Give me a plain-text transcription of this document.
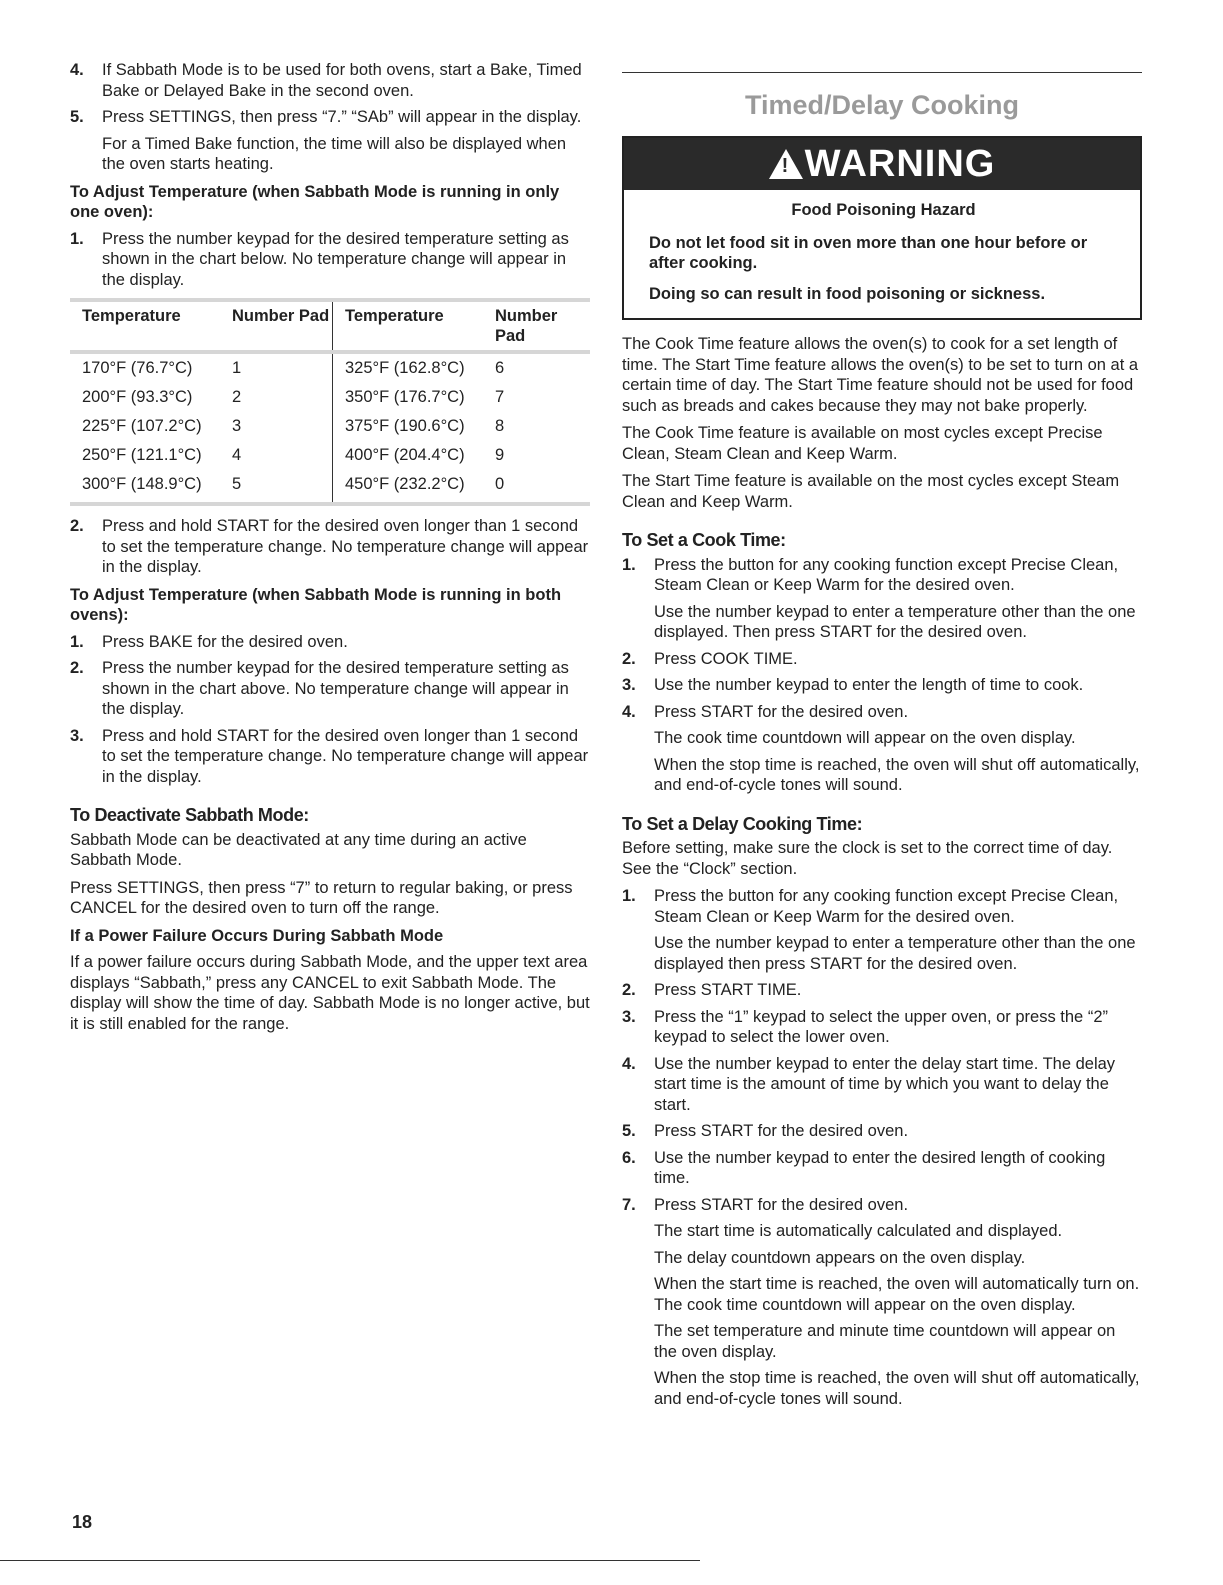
4. If Sabbath Mode is to be used for both ovens, start a Bake, Timed Bake or Delayed Bake in the second oven.

5. Press SETTINGS, then press “7.” “SAb” will appear in the display.

For a Timed Bake function, the time will also be displayed when the oven starts heating.

To Adjust Temperature (when Sabbath Mode is running in only one oven):

1. Press the number keypad for the desired temperature setting as shown in the chart below. No temperature change will appear in the display.

Temperature	Number Pad	Temperature	Number Pad
170°F (76.7°C)	1	325°F (162.8°C)	6
200°F (93.3°C)	2	350°F (176.7°C)	7
225°F (107.2°C)	3	375°F (190.6°C)	8
250°F (121.1°C)	4	400°F (204.4°C)	9
300°F (148.9°C)	5	450°F (232.2°C)	0
2. Press and hold START for the desired oven longer than 1 second to set the temperature change. No temperature change will appear in the display.

To Adjust Temperature (when Sabbath Mode is running in both ovens):

1. Press BAKE for the desired oven.

2. Press the number keypad for the desired temperature setting as shown in the chart above. No temperature change will appear in the display.

3. Press and hold START for the desired oven longer than 1 second to set the temperature change. No temperature change will appear in the display.

To Deactivate Sabbath Mode:

Sabbath Mode can be deactivated at any time during an active Sabbath Mode.

Press SETTINGS, then press “7” to return to regular baking, or press CANCEL for the desired oven to turn off the range.

If a Power Failure Occurs During Sabbath Mode

If a power failure occurs during Sabbath Mode, and the upper text area displays “Sabbath,” press any CANCEL to exit Sabbath Mode. The display will show the time of day. Sabbath Mode is no longer active, but it is still enabled for the range.

Timed/Delay Cooking
! WARNING
Food Poisoning Hazard

Do not let food sit in oven more than one hour before or after cooking.

Doing so can result in food poisoning or sickness.

The Cook Time feature allows the oven(s) to cook for a set length of time. The Start Time feature allows the oven(s) to be set to turn on at a certain time of day. The Start Time feature should not be used for food such as breads and cakes because they may not bake properly.

The Cook Time feature is available on most cycles except Precise Clean, Steam Clean and Keep Warm.

The Start Time feature is available on the most cycles except Steam Clean and Keep Warm.

To Set a Cook Time:
1. Press the button for any cooking function except Precise Clean, Steam Clean or Keep Warm for the desired oven.

Use the number keypad to enter a temperature other than the one displayed. Then press START for the desired oven.

2. Press COOK TIME.

3. Use the number keypad to enter the length of time to cook.

4. Press START for the desired oven.

The cook time countdown will appear on the oven display.

When the stop time is reached, the oven will shut off automatically, and end-of-cycle tones will sound.

To Set a Delay Cooking Time:

Before setting, make sure the clock is set to the correct time of day. See the “Clock” section.

1. Press the button for any cooking function except Precise Clean, Steam Clean or Keep Warm for the desired oven.

Use the number keypad to enter a temperature other than the one displayed then press START for the desired oven.

2. Press START TIME.

3. Press the “1” keypad to select the upper oven, or press the “2” keypad to select the lower oven.

4. Use the number keypad to enter the delay start time. The delay start time is the amount of time by which you want to delay the start.

5. Press START for the desired oven.

6. Use the number keypad to enter the desired length of cooking time.

7. Press START for the desired oven.

The start time is automatically calculated and displayed.

The delay countdown appears on the oven display.

When the start time is reached, the oven will automatically turn on. The cook time countdown will appear on the oven display.

The set temperature and minute time countdown will appear on the oven display.

When the stop time is reached, the oven will shut off automatically, and end-of-cycle tones will sound.

18
